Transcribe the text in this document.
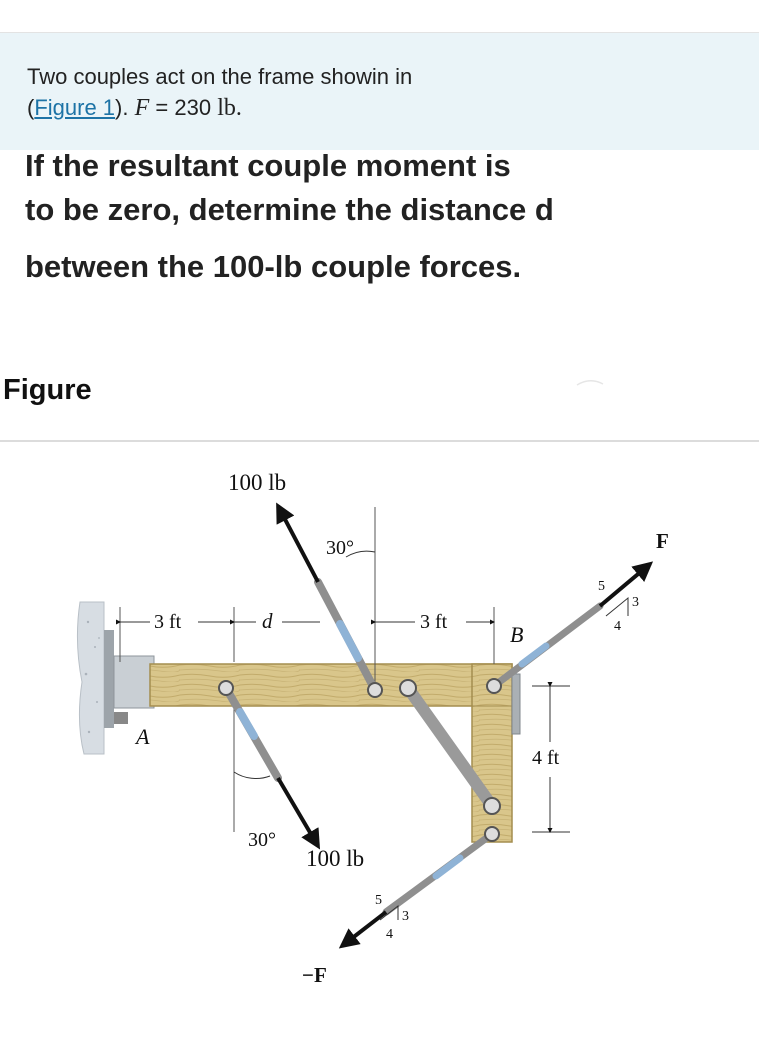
Two couples act on the frame showin in
(Figure 1). F = 230 lb.
If the resultant couple moment is
to be zero, determine the distance d
between the 100-lb couple forces.
Figure
100 lb
30°
3 ft	d	3 ft	B
A
4 ft
30°
100 lb
F
−F
5
3
4
5
3
4
